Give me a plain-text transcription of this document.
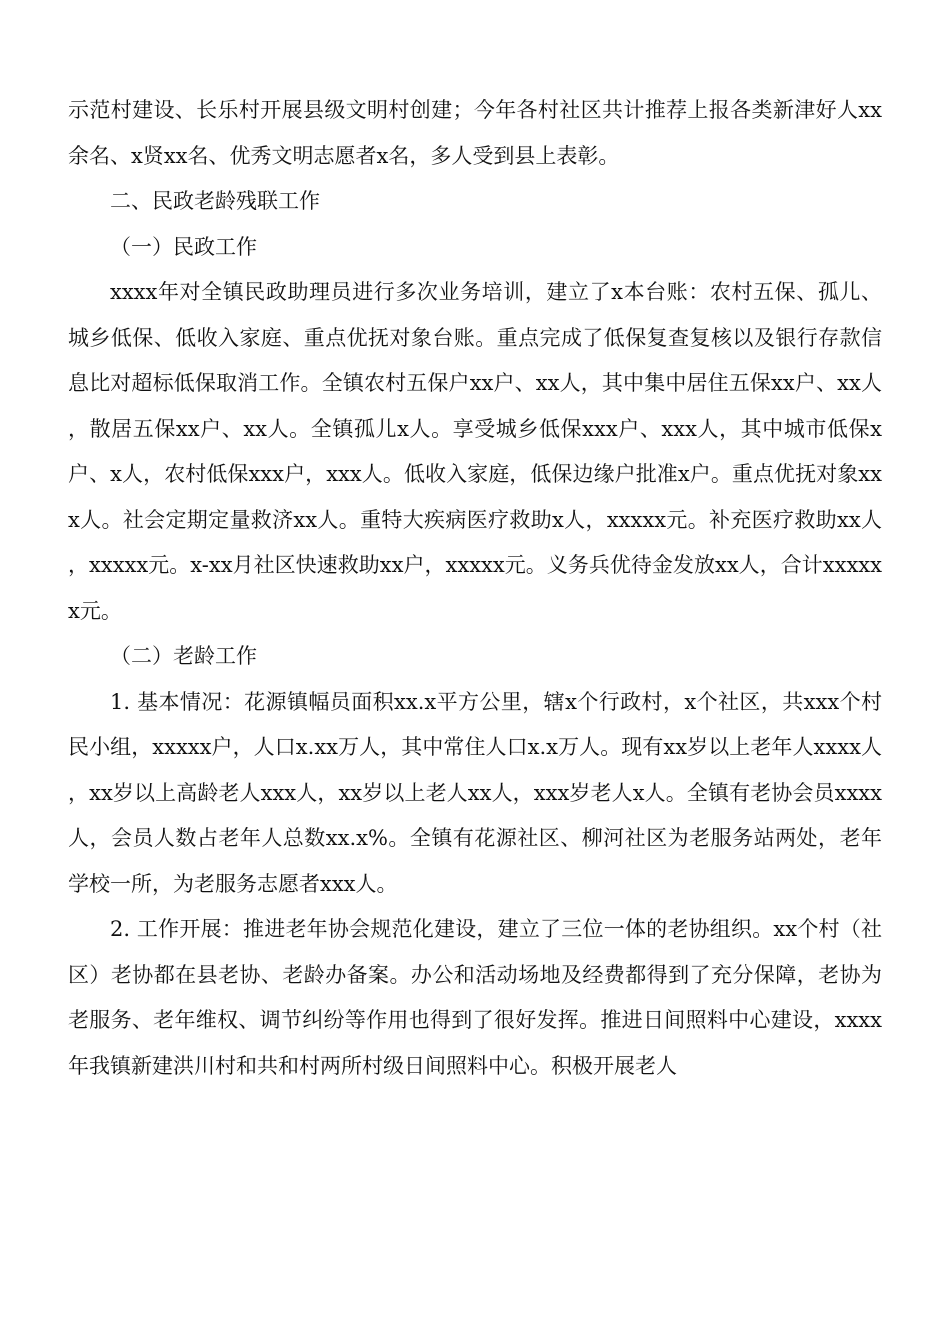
示范村建设、长乐村开展县级文明村创建；今年各村社区共计推荐上报各类新津好人xx余名、x贤xx名、优秀文明志愿者x名，多人受到县上表彰。

二、民政老龄残联工作

（一）民政工作

xxxx年对全镇民政助理员进行多次业务培训，建立了x本台账：农村五保、孤儿、城乡低保、低收入家庭、重点优抚对象台账。重点完成了低保复查复核以及银行存款信息比对超标低保取消工作。全镇农村五保户xx户、xx人，其中集中居住五保xx户、xx人，散居五保xx户、xx人。全镇孤儿x人。享受城乡低保xxx户、xxx人，其中城市低保x户、x人，农村低保xxx户，xxx人。低收入家庭，低保边缘户批准x户。重点优抚对象xxx人。社会定期定量救济xx人。重特大疾病医疗救助x人，xxxxx元。补充医疗救助xx人，xxxxx元。x-xx月社区快速救助xx户，xxxxx元。义务兵优待金发放xx人，合计xxxxxx元。

（二）老龄工作

1. 基本情况：花源镇幅员面积xx.x平方公里，辖x个行政村，x个社区，共xxx个村民小组，xxxxx户，人口x.xx万人，其中常住人口x.x万人。现有xx岁以上老年人xxxx人，xx岁以上高龄老人xxx人，xx岁以上老人xx人，xxx岁老人x人。全镇有老协会员xxxx人，会员人数占老年人总数xx.x%。全镇有花源社区、柳河社区为老服务站两处，老年学校一所，为老服务志愿者xxx人。

2. 工作开展：推进老年协会规范化建设，建立了三位一体的老协组织。xx个村（社区）老协都在县老协、老龄办备案。办公和活动场地及经费都得到了充分保障，老协为老服务、老年维权、调节纠纷等作用也得到了很好发挥。推进日间照料中心建设，xxxx年我镇新建洪川村和共和村两所村级日间照料中心。积极开展老人
